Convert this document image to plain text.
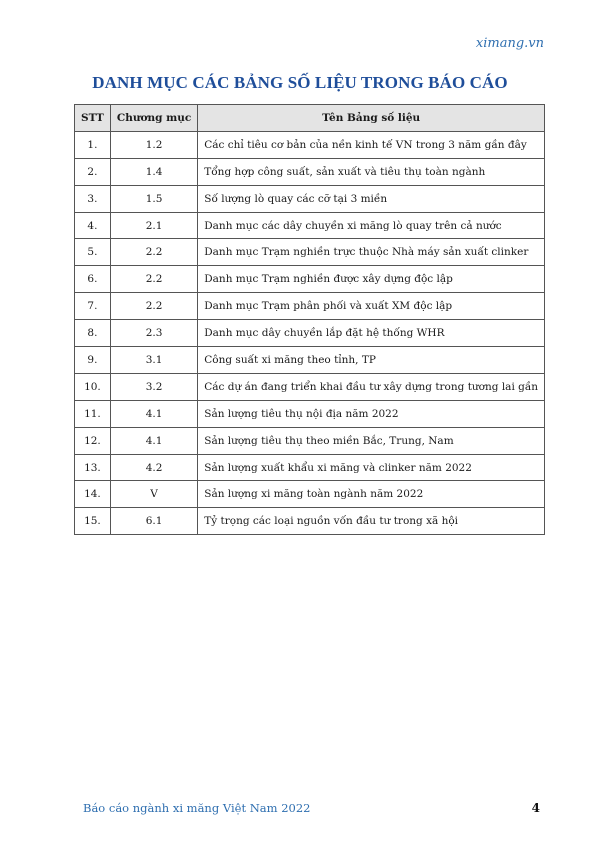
ximang.vn
DANH MỤC CÁC BẢNG SỐ LIỆU TRONG BÁO CÁO
STT	Chương mục	Tên Bảng số liệu
1.	1.2	Các chỉ tiêu cơ bản của nền kinh tế VN trong 3 năm gần đây
2.	1.4	Tổng hợp công suất, sản xuất và tiêu thụ toàn ngành
3.	1.5	Số lượng lò quay các cỡ tại 3 miền
4.	2.1	Danh mục các dây chuyền xi măng lò quay trên cả nước
5.	2.2	Danh mục Trạm nghiền trực thuộc Nhà máy sản xuất clinker
6.	2.2	Danh mục Trạm nghiền được xây dựng độc lập
7.	2.2	Danh mục Trạm phân phối và xuất XM độc lập
8.	2.3	Danh mục dây chuyền lắp đặt hệ thống WHR
9.	3.1	Công suất xi măng theo tỉnh, TP
10.	3.2	Các dự án đang triển khai đầu tư xây dựng trong tương lai gần
11.	4.1	Sản lượng tiêu thụ nội địa năm 2022
12.	4.1	Sản lượng tiêu thụ theo miền Bắc, Trung, Nam
13.	4.2	Sản lượng xuất khẩu xi măng và clinker năm 2022
14.	V	Sản lượng xi măng toàn ngành năm 2022
15.	6.1	Tỷ trọng các loại nguồn vốn đầu tư trong xã hội
Báo cáo ngành xi măng Việt Nam 2022	4
